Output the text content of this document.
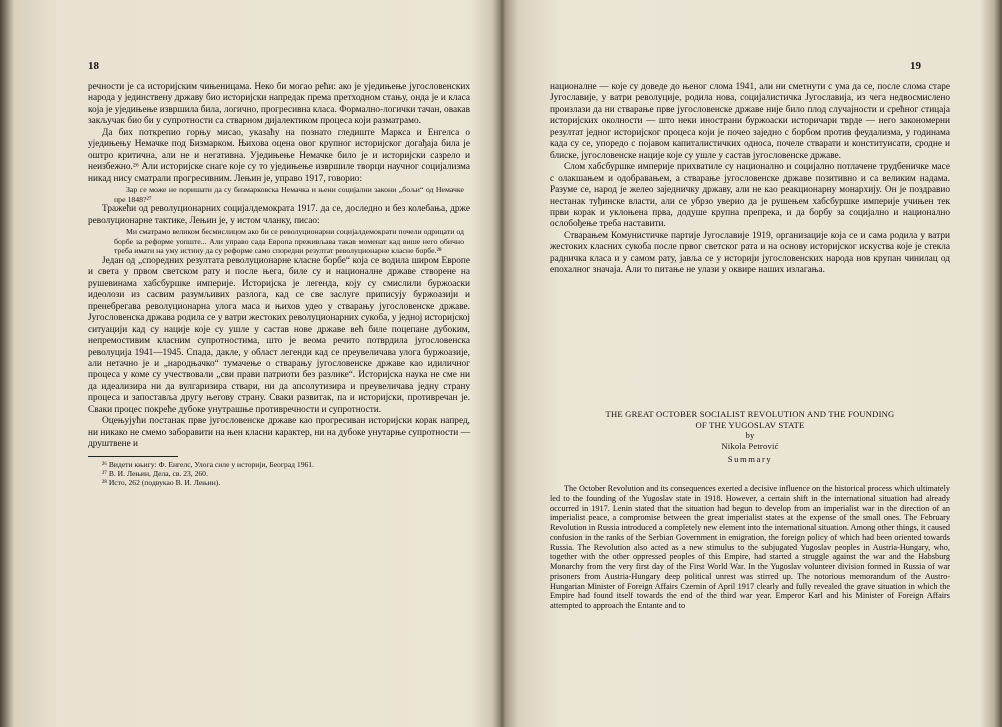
18

речности је са историјским чињеницама. Неко би могао рећи: ако је уједињење југословенских народа у јединствену државу био историјски напредак према претходном стању, онда је и класа која је уједињење извршила била, логично, прогресивна класа. Формално-логички тачан, овакав закључак био би у супротности са стварном дијалектиком процеса који разматрамо.

Да бих поткрепио горњу мисао, указаћу на познато гледиште Маркса и Енгелса о уједињењу Немачке под Бизмарком. Њихова оцена овог крупног историјског догађаја била је оштро критична, али не и негативна. Уједињење Немачке било је и историјски сазрело и неизбежно.²⁶ Али историјске снаге које су то уједињење извршиле творци научног социјализма никад нису сматрали прогресивним. Лењин је, управо 1917, говорио:

Зар се може не поришати да су бизмарковска Немачка и њени социјални закони „бољи“ од Немачке пре 1848?²⁷

Тражећи од револуционарних социјалдемократа 1917. да се, доследно и без колебања, држе револуционарне тактике, Лењин је, у истом чланку, писао:

Ми сматрамо великом бесмислицом ако би се револуционарни социјалдемократи почели одрицати од борбе за реформе уопште... Али управо сада Европа преживљава такав моменат кад више него обично треба имати на уму истину да су реформе само споредни резултат револуционарне класне борбе.²⁸

Један од „споредних резултата револуционарне класне борбе“ која се водила широм Европе и света у првом светском рату и после њега, биле су и националне државе створене на рушевинама хабсбуршке империје. Историјска је легенда, коју су смислили буржоаски идеолози из сасвим разумљивих разлога, кад се све заслуге приписују буржоазији и пренебрегава револуционарна улога маса и њихов удео у стварању југословенске државе. Југословенска држава родила се у ватри жестоких револуционарних сукоба, у једној историјској ситуацији кад су нације које су ушле у састав нове државе већ биле поцепане дубоким, непремостивим класним супротностима, што је веома речито потврдила југословенска револуција 1941—1945. Спада, дакле, у област легенди кад се преувеличава улога буржоазије, али нетачно је и „народњачко“ тумачење о стварању југословенске државе као идиличног процеса у коме су учествовали „сви прави патриоти без разлике“. Историјска наука не сме ни да идеализира ни да вулгаризира ствари, ни да апсолутизира и преувеличава једну страну процеса и запоставља другу његову страну. Сваки развитак, па и историјски, противречан је. Сваки процес покреће дубоке унутрашње противречности и супротности.

Оцењујући постанак прве југословенске државе као прогресиван историјски корак напред, ни никако не смемо заборавити на њен класни карактер, ни на дубоке унутарње супротности — друштвене и

²⁶ Видети књигу: Ф. Енгелс, Улога силе у историји, Београд 1961.
²⁷ В. И. Лењин, Дела, св. 23, 260.
²⁸ Исто, 262 (подвукао В. И. Лењин).
19

националне — које су доведе до њеног слома 1941, али ни сметнути с ума да се, после слома старе Југославије, у ватри револуције, родила нова, социјалистичка Југославија, из чега недвосмислено произлази да ни стварање прве југословенске државе није било плод случајности и срећног стицаја историјских околности — што неки инострани буржоаски историчари тврде — него закономерни резултат једног историјског процеса који је почео заједно с борбом против феудализма, у годинама када су се, упоредо с појавом капиталистичких односа, почеле стварати и конституисати, сродне и блиске, југословенске нације које су ушле у састав југословенске државе.

Слом хабсбуршке империје прихватиле су национално и социјално потлачене трудбеничке масе с олакшањем и одобравањем, а стварање југословенске државе позитивно и са великим надама. Разуме се, народ је желео заједничку државу, али не као реакционарну монархију. Он је поздравио нестанак туђинске власти, али се убрзо уверио да је рушењем хабсбуршке империје учињен тек први корак и уклоњена прва, додуше крупна препрека, и да борбу за социјално и национално ослобођење треба наставити.

Стварањем Комунистичке партије Југославије 1919, организације која се и сама родила у ватри жестоких класних сукоба после првог светског рата и на основу историјског искуства које је стекла радничка класа и у самом рату, јавља се у историји југословенских народа нов крупан чинилац од епохалног значаја. Али то питање не улази у оквире наших излагања.

THE GREAT OCTOBER SOCIALIST REVOLUTION AND THE FOUNDING
OF THE YUGOSLAV STATE
by
Nikola Petrović
Summary
The October Revolution and its consequences exerted a decisive influence on the historical process which ultimately led to the founding of the Yugoslav state in 1918. However, a certain shift in the international situation had already occurred in 1917. Lenin stated that the situation had begun to develop from an imperialist war in the direction of an imperialist peace, a compromise between the great imperialist states at the expense of the small ones. The February Revolution in Russia introduced a completely new element into the international situation. Among other things, it caused confusion in the ranks of the Serbian Government in emigration, the foreign policy of which had been oriented towards Russia. The Revolution also acted as a new stimulus to the subjugated Yugoslav peoples in Austria-Hungary, who, together with the other oppressed peoples of this Empire, had started a struggle against the war and the Habsburg Monarchy from the very first day of the First World War. In the Yugoslav volunteer division formed in Russia of war prisoners from Austria-Hungary deep political unrest was stirred up. The notorious memorandum of the Austro-Hungarian Minister of Foreign Affairs Czernin of April 1917 clearly and fully revealed the grave situation in which the Empire had found itself towards the end of the third war year. Emperor Karl and his Minister of Foreign Affairs attempted to approach the Entante and to
